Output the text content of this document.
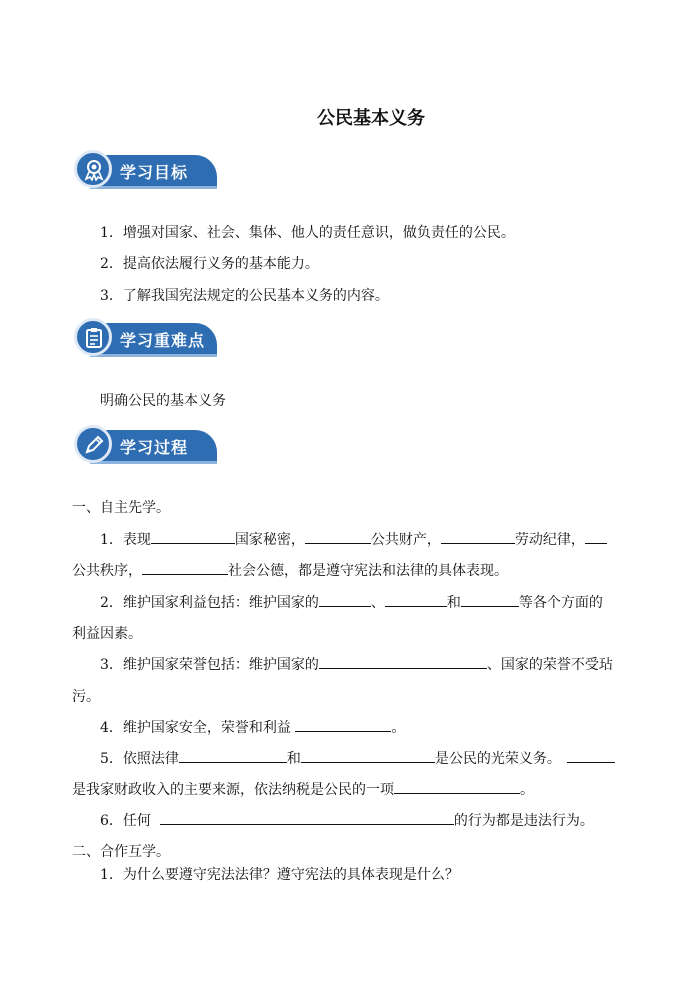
公民基本义务
学习目标
1．增强对国家、社会、集体、他人的责任意识，做负责任的公民。
2．提高依法履行义务的基本能力。
3．了解我国宪法规定的公民基本义务的内容。
学习重难点
明确公民的基本义务
学习过程
一、自主先学。
1．表现	国家秘密，	公共财产，	劳动纪律，
公共秩序，	社会公德，都是遵守宪法和法律的具体表现。
2．维护国家利益包括：维护国家的	、	和	等各个方面的
利益因素。
3．维护国家荣誉包括：维护国家的	、国家的荣誉不受玷
污。
4．维护国家安全，荣誉和利益	。
5．依照法律	和	是公民的光荣义务。
是我家财政收入的主要来源，依法纳税是公民的一项	。
6．任何	的行为都是违法行为。
二、合作互学。
1．为什么要遵守宪法法律？遵守宪法的具体表现是什么？
